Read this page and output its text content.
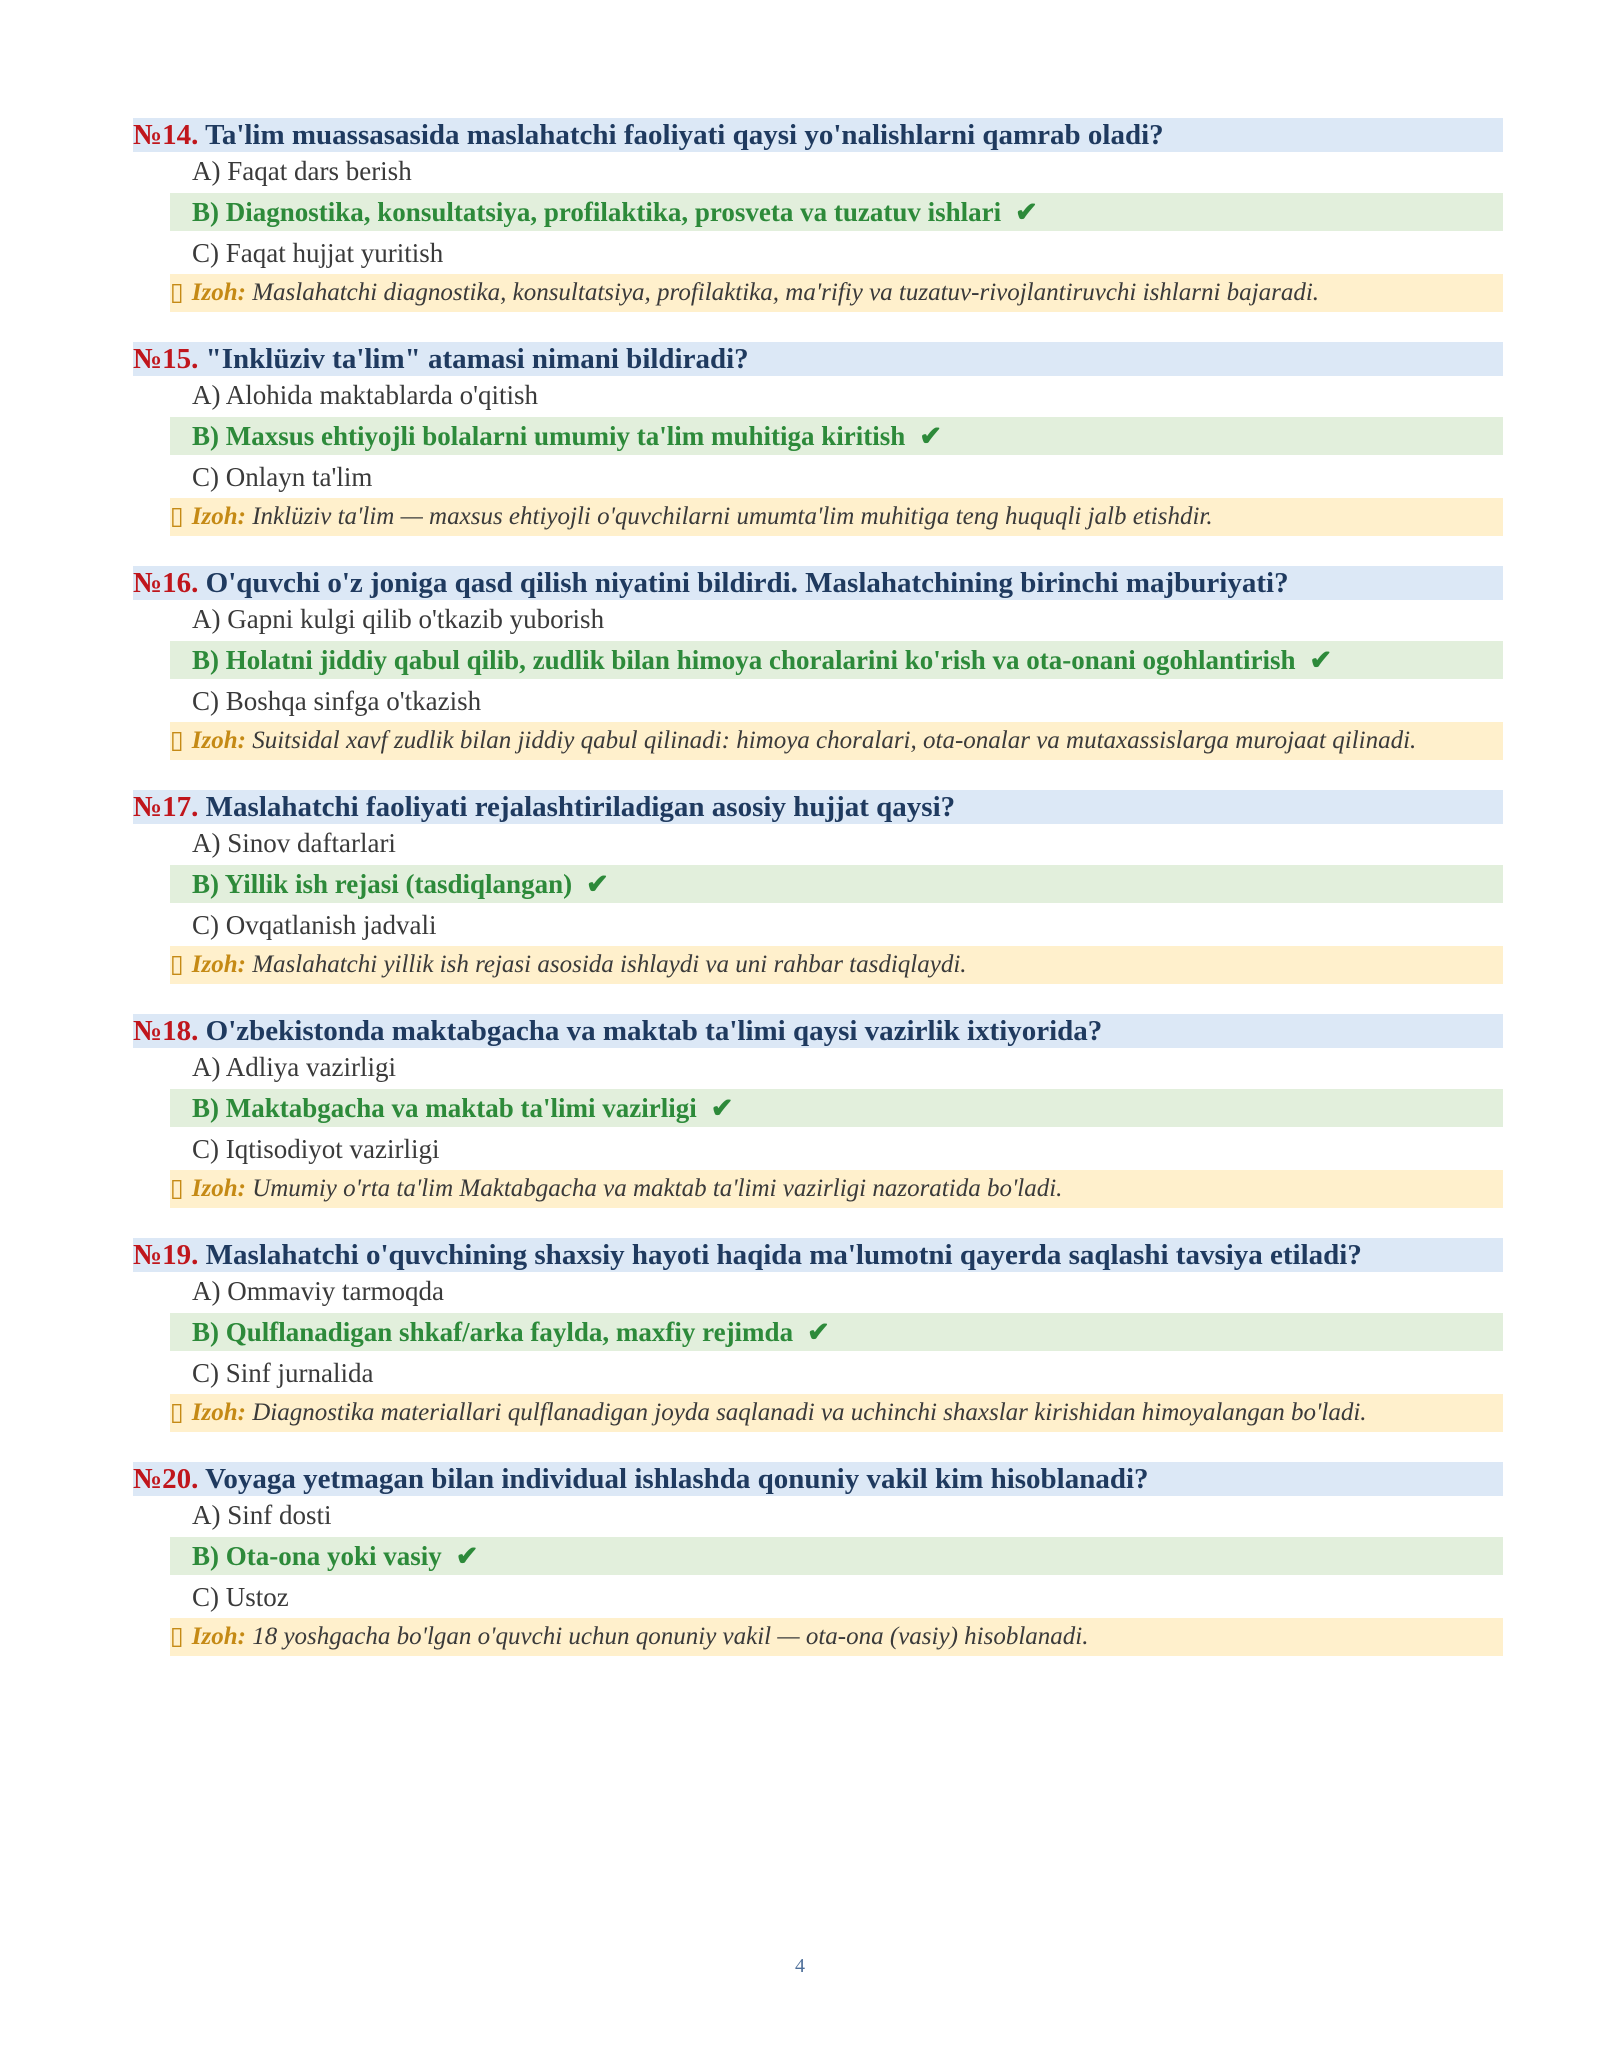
№14. Ta'lim muassasasida maslahatchi faoliyati qaysi yo'nalishlarni qamrab oladi?
A) Faqat dars berish
B) Diagnostika, konsultatsiya, profilaktika, prosveta va tuzatuv ishlari ✔
C) Faqat hujjat yuritish
▯ Izoh: Maslahatchi diagnostika, konsultatsiya, profilaktika, ma'rifiy va tuzatuv-rivojlantiruvchi ishlarni bajaradi.
№15. "Inklüziv ta'lim" atamasi nimani bildiradi?
A) Alohida maktablarda o'qitish
B) Maxsus ehtiyojli bolalarni umumiy ta'lim muhitiga kiritish ✔
C) Onlayn ta'lim
▯ Izoh: Inklüziv ta'lim — maxsus ehtiyojli o'quvchilarni umumta'lim muhitiga teng huquqli jalb etishdir.
№16. O'quvchi o'z joniga qasd qilish niyatini bildirdi. Maslahatchining birinchi majburiyati?
A) Gapni kulgi qilib o'tkazib yuborish
B) Holatni jiddiy qabul qilib, zudlik bilan himoya choralarini ko'rish va ota-onani ogohlantirish ✔
C) Boshqa sinfga o'tkazish
▯ Izoh: Suitsidal xavf zudlik bilan jiddiy qabul qilinadi: himoya choralari, ota-onalar va mutaxassislarga murojaat qilinadi.
№17. Maslahatchi faoliyati rejalashtiriladigan asosiy hujjat qaysi?
A) Sinov daftarlari
B) Yillik ish rejasi (tasdiqlangan) ✔
C) Ovqatlanish jadvali
▯ Izoh: Maslahatchi yillik ish rejasi asosida ishlaydi va uni rahbar tasdiqlaydi.
№18. O'zbekistonda maktabgacha va maktab ta'limi qaysi vazirlik ixtiyorida?
A) Adliya vazirligi
B) Maktabgacha va maktab ta'limi vazirligi ✔
C) Iqtisodiyot vazirligi
▯ Izoh: Umumiy o'rta ta'lim Maktabgacha va maktab ta'limi vazirligi nazoratida bo'ladi.
№19. Maslahatchi o'quvchining shaxsiy hayoti haqida ma'lumotni qayerda saqlashi tavsiya etiladi?
A) Ommaviy tarmoqda
B) Qulflanadigan shkaf/arka faylda, maxfiy rejimda ✔
C) Sinf jurnalida
▯ Izoh: Diagnostika materiallari qulflanadigan joyda saqlanadi va uchinchi shaxslar kirishidan himoyalangan bo'ladi.
№20. Voyaga yetmagan bilan individual ishlashda qonuniy vakil kim hisoblanadi?
A) Sinf dosti
B) Ota-ona yoki vasiy ✔
C) Ustoz
▯ Izoh: 18 yoshgacha bo'lgan o'quvchi uchun qonuniy vakil — ota-ona (vasiy) hisoblanadi.
4
